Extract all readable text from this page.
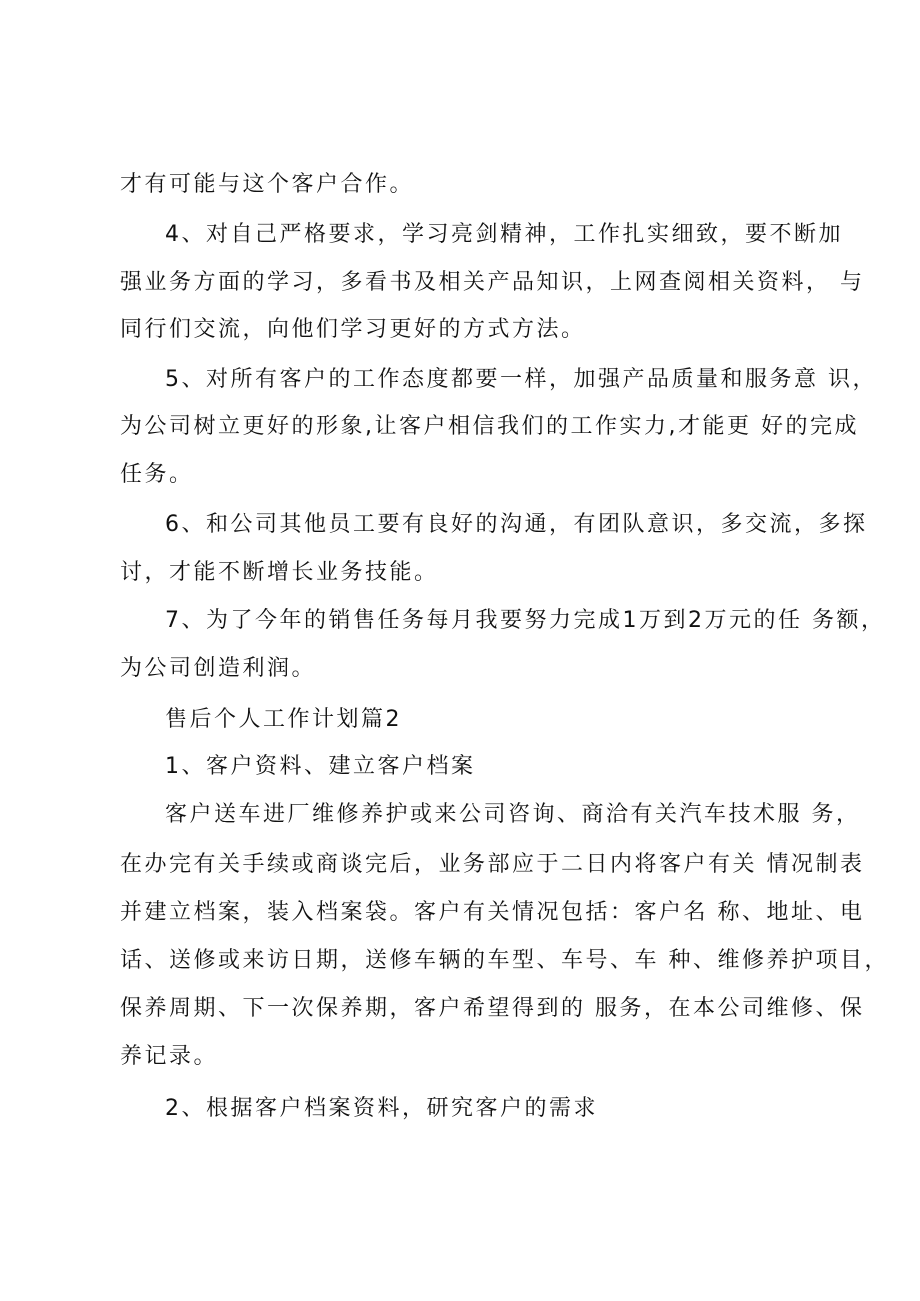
才有可能与这个客户合作。
4、对自己严格要求，学习亮剑精神，工作扎实细致，要不断加
强业务方面的学习，多看书及相关产品知识，上网查阅相关资料， 与
同行们交流，向他们学习更好的方式方法。
5、对所有客户的工作态度都要一样，加强产品质量和服务意 识，
为公司树立更好的形象,让客户相信我们的工作实力,才能更 好的完成
任务。
6、和公司其他员工要有良好的沟通，有团队意识，多交流，多探
讨，才能不断增长业务技能。
7、为了今年的销售任务每月我要努力完成1万到2万元的任 务额，
为公司创造利润。
售后个人工作计划篇2
1、客户资料、建立客户档案
客户送车进厂维修养护或来公司咨询、商洽有关汽车技术服 务，
在办完有关手续或商谈完后，业务部应于二日内将客户有关 情况制表
并建立档案，装入档案袋。客户有关情况包括：客户名 称、地址、电
话、送修或来访日期，送修车辆的车型、车号、车 种、维修养护项目，
保养周期、下一次保养期，客户希望得到的 服务，在本公司维修、保
养记录。
2、根据客户档案资料，研究客户的需求
